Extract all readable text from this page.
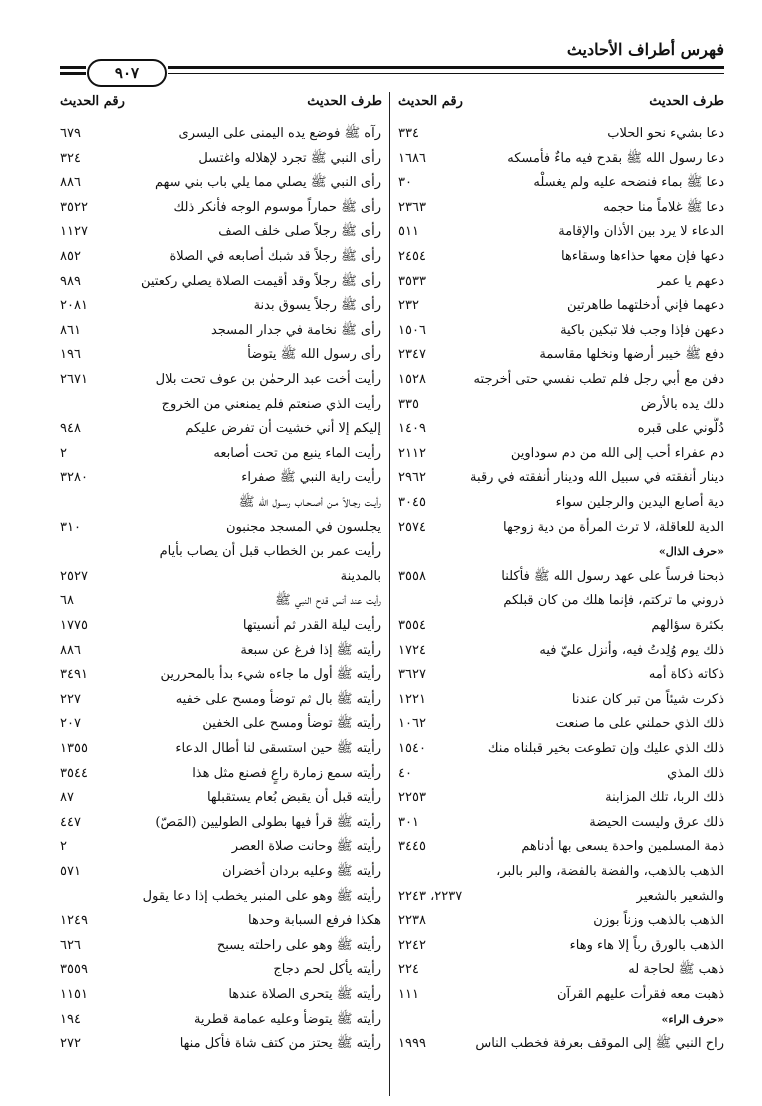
فهرس أطراف الأحاديث
٩٠٧
طرف الحديث
رقم الحديث
طرف الحديث
رقم الحديث
دعا بشيء نحو الحلاب
٣٣٤
دعا رسول الله ﷺ بقدح فيه ماءٌ فأمسكه
١٦٨٦
دعا ﷺ بماء فنضحه عليه ولم يغسلْه
٣٠
دعا ﷺ غلاماً منا حجمه
٢٣٦٣
الدعاء لا يرد بين الأذان والإقامة
٥١١
دعها فإن معها حذاءها وسقاءها
٢٤٥٤
دعهم يا عمر
٣٥٣٣
دعهما فإني أدخلتهما طاهرتين
٢٣٢
دعهن فإذا وجب فلا تبكين باكية
١٥٠٦
دفع ﷺ خيبر أرضها ونخلها مقاسمة
٢٣٤٧
دفن مع أبي رجل فلم تطب نفسي حتى أخرجته
١٥٢٨
دلك يده بالأرض
٣٣٥
دُلُّوني على قبره
١٤٠٩
دم عفراء أحب إلى الله من دم سوداوين
٢١١٢
دينار أنفقته في سبيل الله ودينار أنفقته في رقبة
٢٩٦٢
دية أصابع اليدين والرجلين سواء
٣٠٤٥
الدية للعاقلة، لا ترث المرأة من دية زوجها
٢٥٧٤
«حرف الذال»
ذبحنا فرساً على عهد رسول الله ﷺ فأكلنا
٣٥٥٨
ذروني ما تركتم، فإنما هلك من كان قبلكم
بكثرة سؤالهم
٣٥٥٤
ذلك يوم وُلِدتُ فيه، وأنزل عليّ فيه
١٧٢٤
ذكاته ذكاة أمه
٣٦٢٧
ذكرت شيئاً من تبر كان عندنا
١٢٢١
ذلك الذي حملني على ما صنعت
١٠٦٢
ذلك الذي عليك وإن تطوعت بخير قبلناه منك
١٥٤٠
ذلك المذي
٤٠
ذلك الربا، تلك المزابنة
٢٢٥٣
ذلك عرق وليست الحيضة
٣٠١
ذمة المسلمين واحدة يسعى بها أدناهم
٣٤٤٥
الذهب بالذهب، والفضة بالفضة، والبر بالبر،
والشعير بالشعير
٢٢٣٧، ٢٢٤٣
الذهب بالذهب وزناً بوزن
٢٢٣٨
الذهب بالورق رباً إلا هاء وهاء
٢٢٤٢
ذهب ﷺ لحاجة له
٢٢٤
ذهبت معه فقرأت عليهم القرآن
١١١
«حرف الراء»
راح النبي ﷺ إلى الموقف بعرفة فخطب الناس
١٩٩٩
رآه ﷺ فوضع يده اليمنى على اليسرى
٦٧٩
رأى النبي ﷺ تجرد لإهلاله واغتسل
٣٢٤
رأى النبي ﷺ يصلي مما يلي باب بني سهم
٨٨٦
رأى ﷺ حماراً موسوم الوجه فأنكر ذلك
٣٥٢٢
رأى ﷺ رجلاً صلى خلف الصف
١١٢٧
رأى ﷺ رجلاً قد شبك أصابعه في الصلاة
٨٥٢
رأى ﷺ رجلاً وقد أقيمت الصلاة يصلي ركعتين
٩٨٩
رأى ﷺ رجلاً يسوق بدنة
٢٠٨١
رأى ﷺ نخامة في جدار المسجد
٨٦١
رأى رسول الله ﷺ يتوضأ
١٩٦
رأيت أخت عبد الرحمٰن بن عوف تحت بلال
٢٦٧١
رأيت الذي صنعتم فلم يمنعني من الخروج
إليكم إلا أني خشيت أن تفرض عليكم
٩٤٨
رأيت الماء ينبع من تحت أصابعه
٢
رأيت راية النبي ﷺ صفراء
٣٢٨٠
رأيـت رجـالاً مـن أصـحـاب رسـول الله ﷺ
يجلسون في المسجد مجنبون
٣١٠
رأيت عمر بن الخطاب قبل أن يصاب بأيام
بالمدينة
٢٥٢٧
رأيت عند أنس قدح النبي ﷺ
٦٨
رأيت ليلة القدر ثم أنسيتها
١٧٧٥
رأيته ﷺ إذا فرغ عن سبعة
٨٨٦
رأيته ﷺ أول ما جاءه شيء بدأ بالمحررين
٣٤٩١
رأيته ﷺ بال ثم توضأ ومسح على خفيه
٢٢٧
رأيته ﷺ توضأ ومسح على الخفين
٢٠٧
رأيته ﷺ حين استسقى لنا أطال الدعاء
١٣٥٥
رأيته سمع زمارة راعٍ فصنع مثل هذا
٣٥٤٤
رأيته قبل أن يقبض بُعام يستقبلها
٨٧
رأيته ﷺ قرأ فيها بطولى الطوليين (المَصّ)
٤٤٧
رأيته ﷺ وحانت صلاة العصر
٢
رأيته ﷺ وعليه بردان أخضران
٥٧١
رأيته ﷺ وهو على المنبر يخطب إذا دعا يقول
هكذا فرفع السبابة وحدها
١٢٤٩
رأيته ﷺ وهو على راحلته يسبح
٦٢٦
رأيته يأكل لحم دجاج
٣٥٥٩
رأيته ﷺ يتحرى الصلاة عندها
١١٥١
رأيته ﷺ يتوضأ وعليه عمامة قطرية
١٩٤
رأيته ﷺ يحتز من كتف شاة فأكل منها
٢٧٢
